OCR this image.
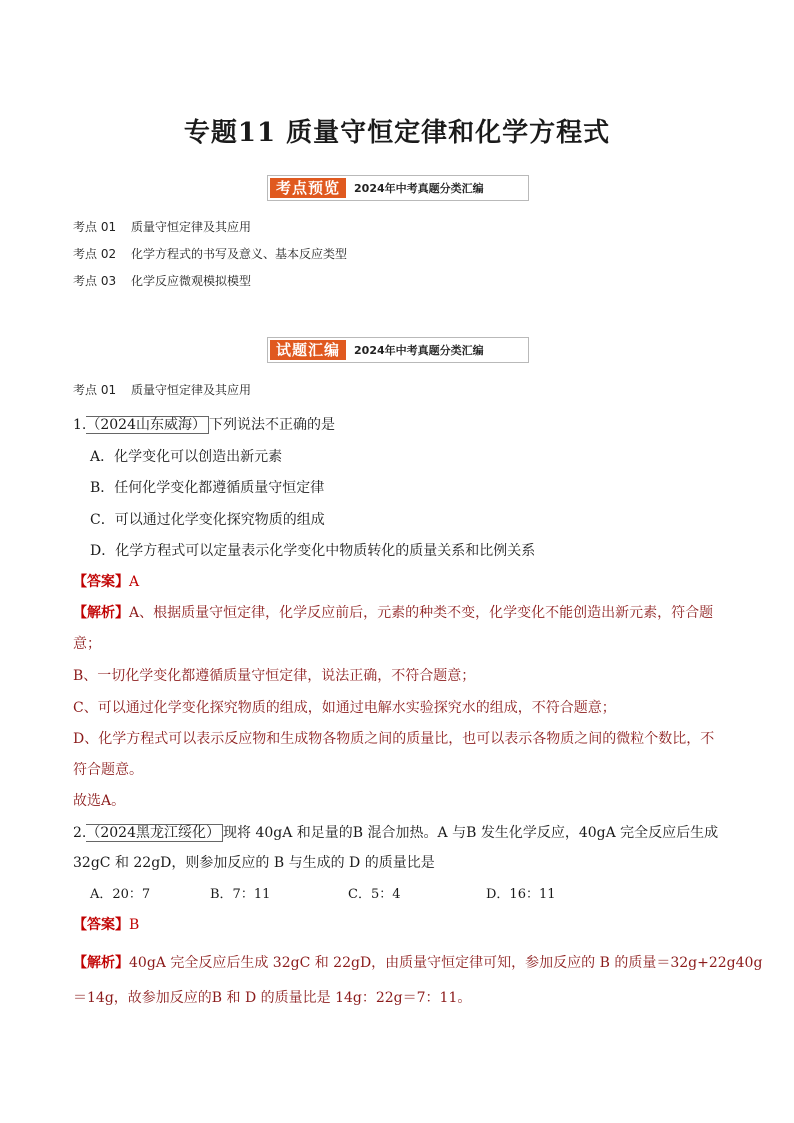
专题11 质量守恒定律和化学方程式
考点预览	2024年中考真题分类汇编
考点 01 质量守恒定律及其应用
考点 02 化学方程式的书写及意义、基本反应类型
考点 03 化学反应微观模拟模型
试题汇编	2024年中考真题分类汇编
考点 01 质量守恒定律及其应用
1.（2024山东威海） 下列说法不正确的是
A．化学变化可以创造出新元素
B．任何化学变化都遵循质量守恒定律
C．可以通过化学变化探究物质的组成
D．化学方程式可以定量表示化学变化中物质转化的质量关系和比例关系
【答案】A
【解析】A、根据质量守恒定律，化学反应前后，元素的种类不变，化学变化不能创造出新元素，符合题
意；
B、一切化学变化都遵循质量守恒定律，说法正确，不符合题意；
C、可以通过化学变化探究物质的组成，如通过电解水实验探究水的组成，不符合题意；
D、化学方程式可以表示反应物和生成物各物质之间的质量比，也可以表示各物质之间的微粒个数比，不
符合题意。
故选A。
2.（2024黑龙江绥化） 现将 40gA 和足量的B 混合加热。A 与B 发生化学反应，40gA 完全反应后生成
32gC 和 22gD，则参加反应的 B 与生成的 D 的质量比是
A．20：7	B．7：11	C．5：4	D．16：11
【答案】B
【解析】40gA 完全反应后生成 32gC 和 22gD，由质量守恒定律可知，参加反应的 B 的质量＝32g+22g40g
＝14g，故参加反应的B 和 D 的质量比是 14g：22g＝7：11。
